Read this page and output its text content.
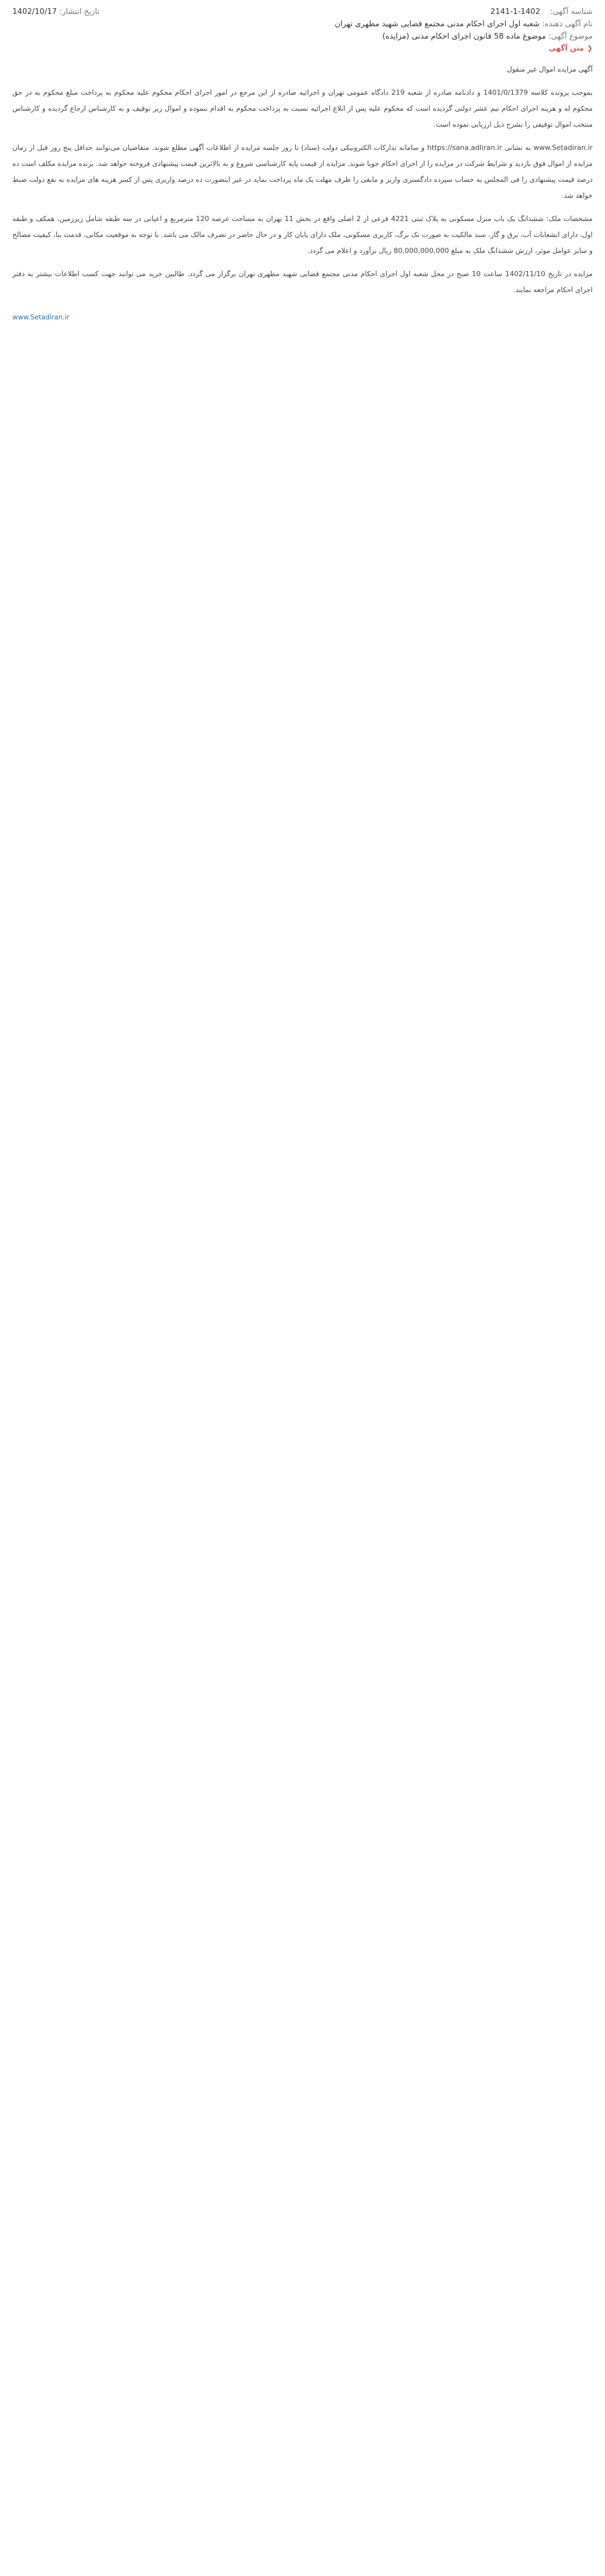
شناسه آگهی: 1402-1-2141
تاریخ انتشار: 1402/10/17
نام آگهی دهنده: شعبه اول اجرای احکام مدنی مجتمع قضایی شهید مطهری تهران
موضوع آگهی: موضوع ماده 58 قانون اجرای احکام مدنی (مزایده)
❮
متن آگهی

آگهی مزایده اموال غیر منقول

بموجب پرونده کلاسه 1401/0/1379 و دادنامه صادره از شعبه 219 دادگاه عمومی تهران و اجرائیه صادره از این مرجع در امور اجرای احکام محکوم علیه محکوم به پرداخت مبلغ محکوم به در حق محکوم له و هزینه اجرای احکام نیم عشر دولتی گردیده است که محکوم علیه پس از ابلاغ اجرائیه نسبت به پرداخت محکوم به اقدام ننموده و اموال زیر توقیف و به کارشناس ارجاع گردیده و کارشناس منتخب اموال توقیفی را بشرح ذیل ارزیابی نموده است.

www.Setadiran.ir به نشانی https://sana.adliran.ir و سامانه تدارکات الکترونیکی دولت (ستاد) تا روز جلسه مزایده از اطلاعات آگهی مطلع شوند. متقاضیان می‌توانند حداقل پنج روز قبل از زمان مزایده از اموال فوق بازدید و شرایط شرکت در مزایده را از اجرای احکام جویا شوند. مزایده از قیمت پایه کارشناسی شروع و به بالاترین قیمت پیشنهادی فروخته خواهد شد. برنده مزایده مکلف است ده درصد قیمت پیشنهادی را فی المجلس به حساب سپرده دادگستری واریز و مابقی را ظرف مهلت یک ماه پرداخت نماید در غیر اینصورت ده درصد واریزی پس از کسر هزینه های مزایده به نفع دولت ضبط خواهد شد.

مشخصات ملک: ششدانگ یک باب منزل مسکونی به پلاک ثبتی 4221 فرعی از 2 اصلی واقع در بخش 11 تهران به مساحت عرصه 120 مترمربع و اعیانی در سه طبقه شامل زیرزمین، همکف و طبقه اول، دارای انشعابات آب، برق و گاز، سند مالکیت به صورت تک برگ، کاربری مسکونی، ملک دارای پایان کار و در حال حاضر در تصرف مالک می باشد. با توجه به موقعیت مکانی، قدمت بنا، کیفیت مصالح و سایر عوامل موثر، ارزش ششدانگ ملک به مبلغ 80,000,000,000 ریال برآورد و اعلام می گردد.

مزایده در تاریخ 1402/11/10 ساعت 10 صبح در محل شعبه اول اجرای احکام مدنی مجتمع قضایی شهید مطهری تهران برگزار می گردد. طالبین خرید می توانند جهت کسب اطلاعات بیشتر به دفتر اجرای احکام مراجعه نمایند.

www.Setadiran.ir
